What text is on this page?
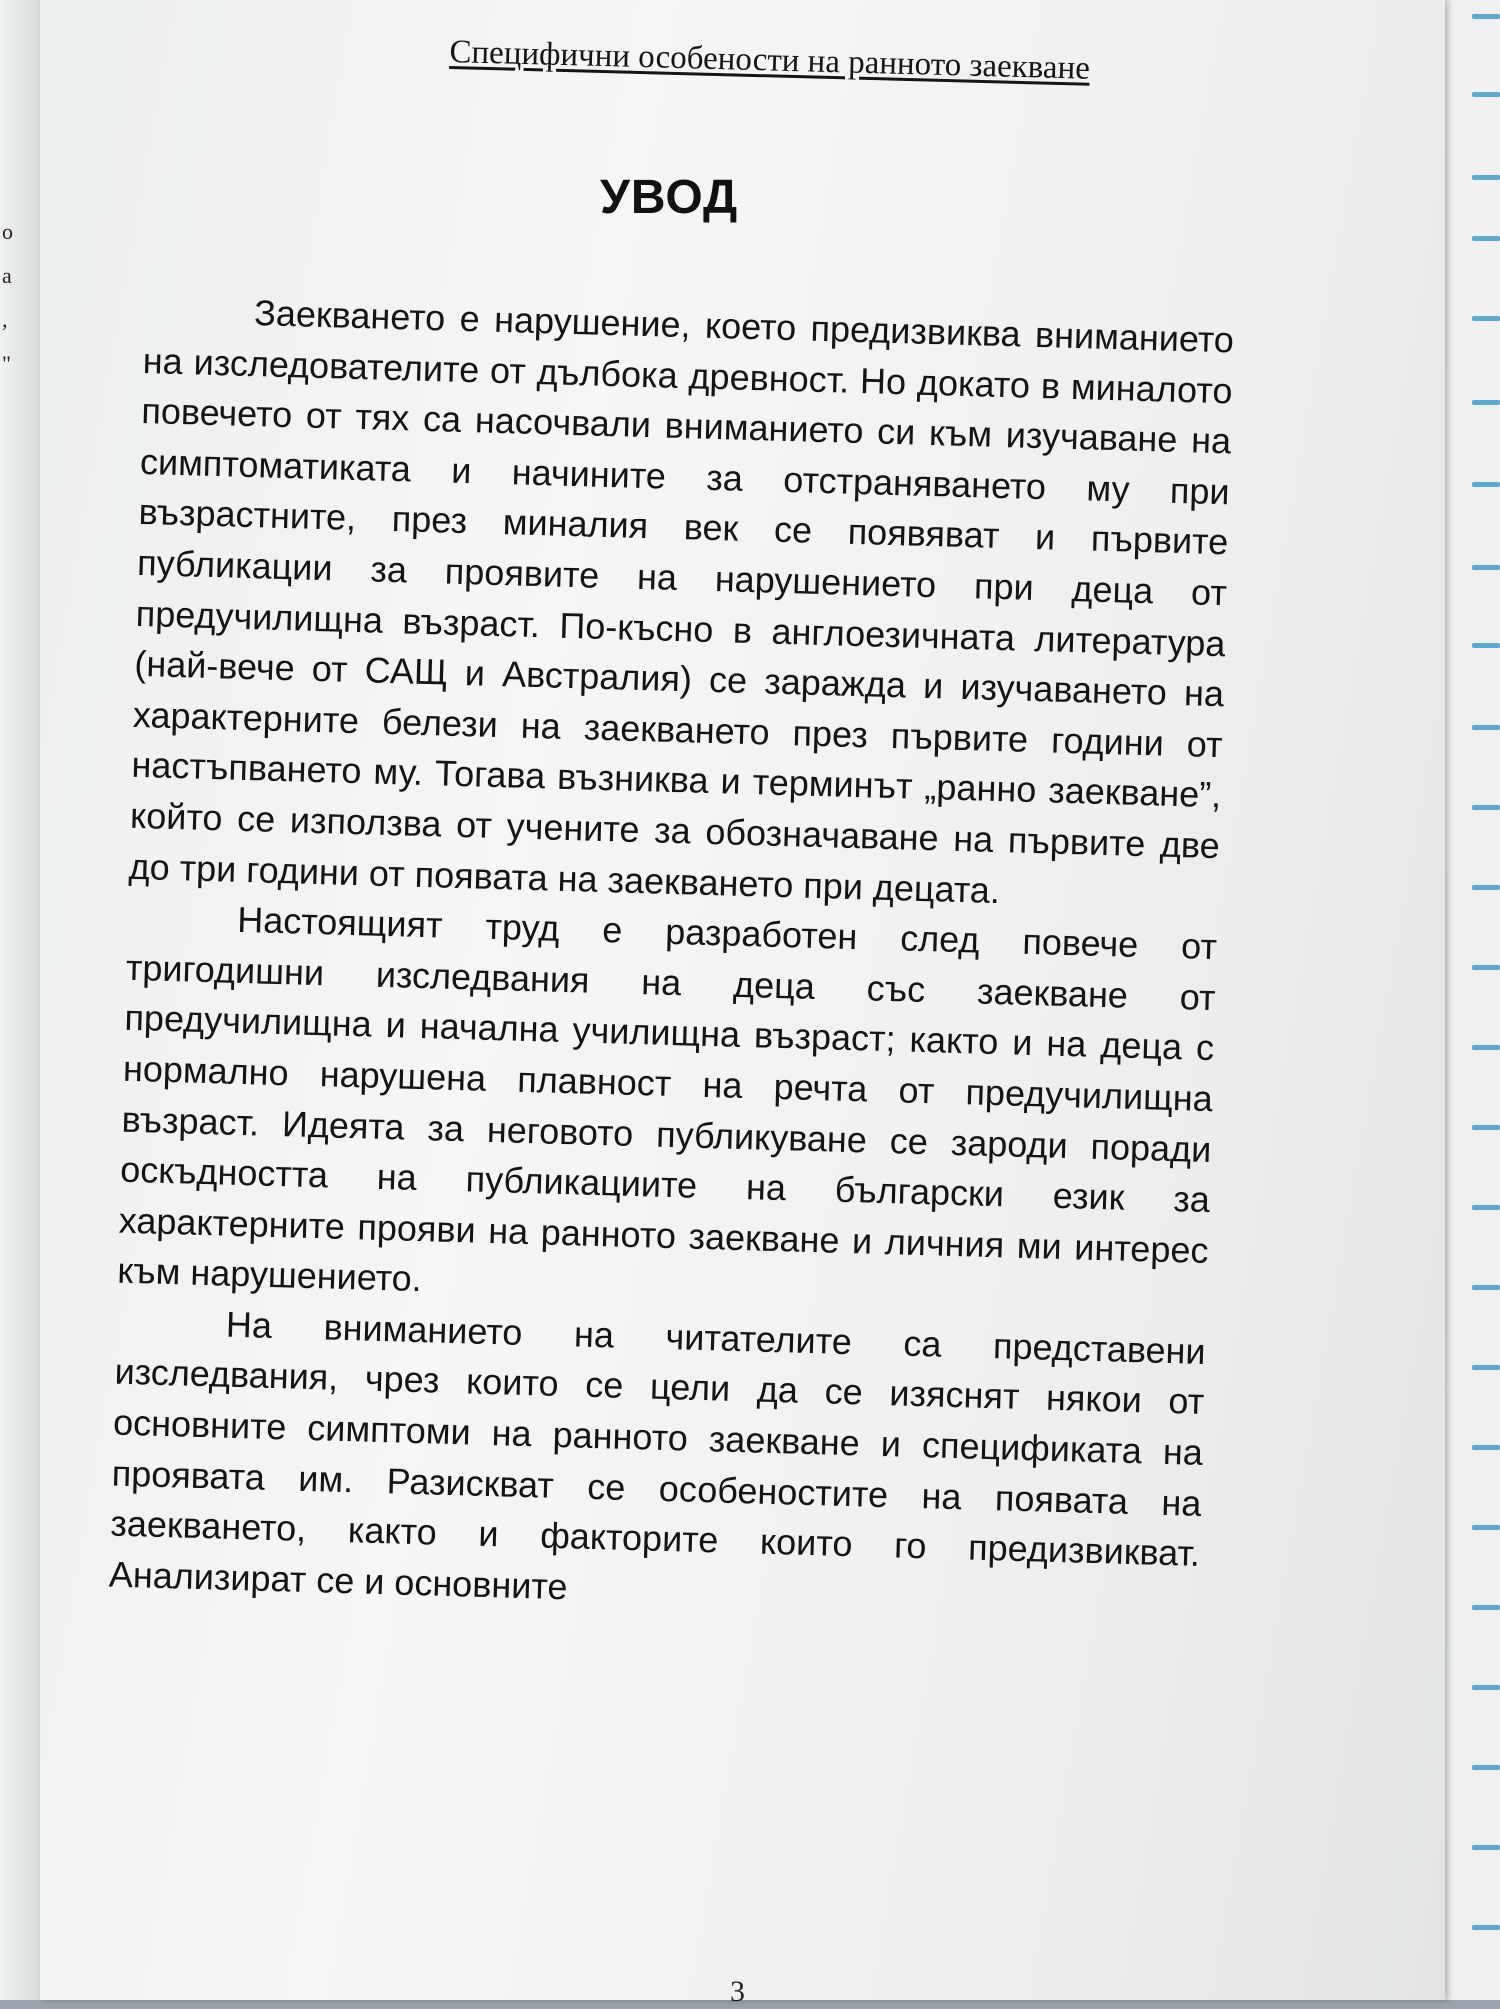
о
а
,
"
Специфични особености на ранното заекване
УВОД

Заекването е нарушение, което предизвиква вниманието на изследователите от дълбока древност. Но докато в миналото повечето от тях са насочвали вниманието си към изучаване на симптоматиката и начините за отстраняването му при възрастните, през миналия век се появяват и първите публикации за проявите на нарушението при деца от предучилищна възраст. По-късно в англоезичната литература (най-вече от САЩ и Австралия) се заражда и изучаването на характерните белези на заекването през първите години от настъпването му. Тогава възниква и терминът „ранно заекване”, който се използва от учените за обозначаване на първите две до три години от появата на заекването при децата.

Настоящият труд е разработен след повече от тригодишни изследвания на деца със заекване от предучилищна и начална училищна възраст; както и на деца с нормално нарушена плавност на речта от предучилищна възраст. Идеята за неговото публикуване се зароди поради оскъдността на публикациите на български език за характерните прояви на ранното заекване и личния ми интерес към нарушението.

На вниманието на читателите са представени изследвания, чрез които се цели да се изяснят някои от основните симптоми на ранното заекване и спецификата на проявата им. Разискват се особеностите на появата на заекването, както и факторите които го предизвикват. Анализират се и основните

3
